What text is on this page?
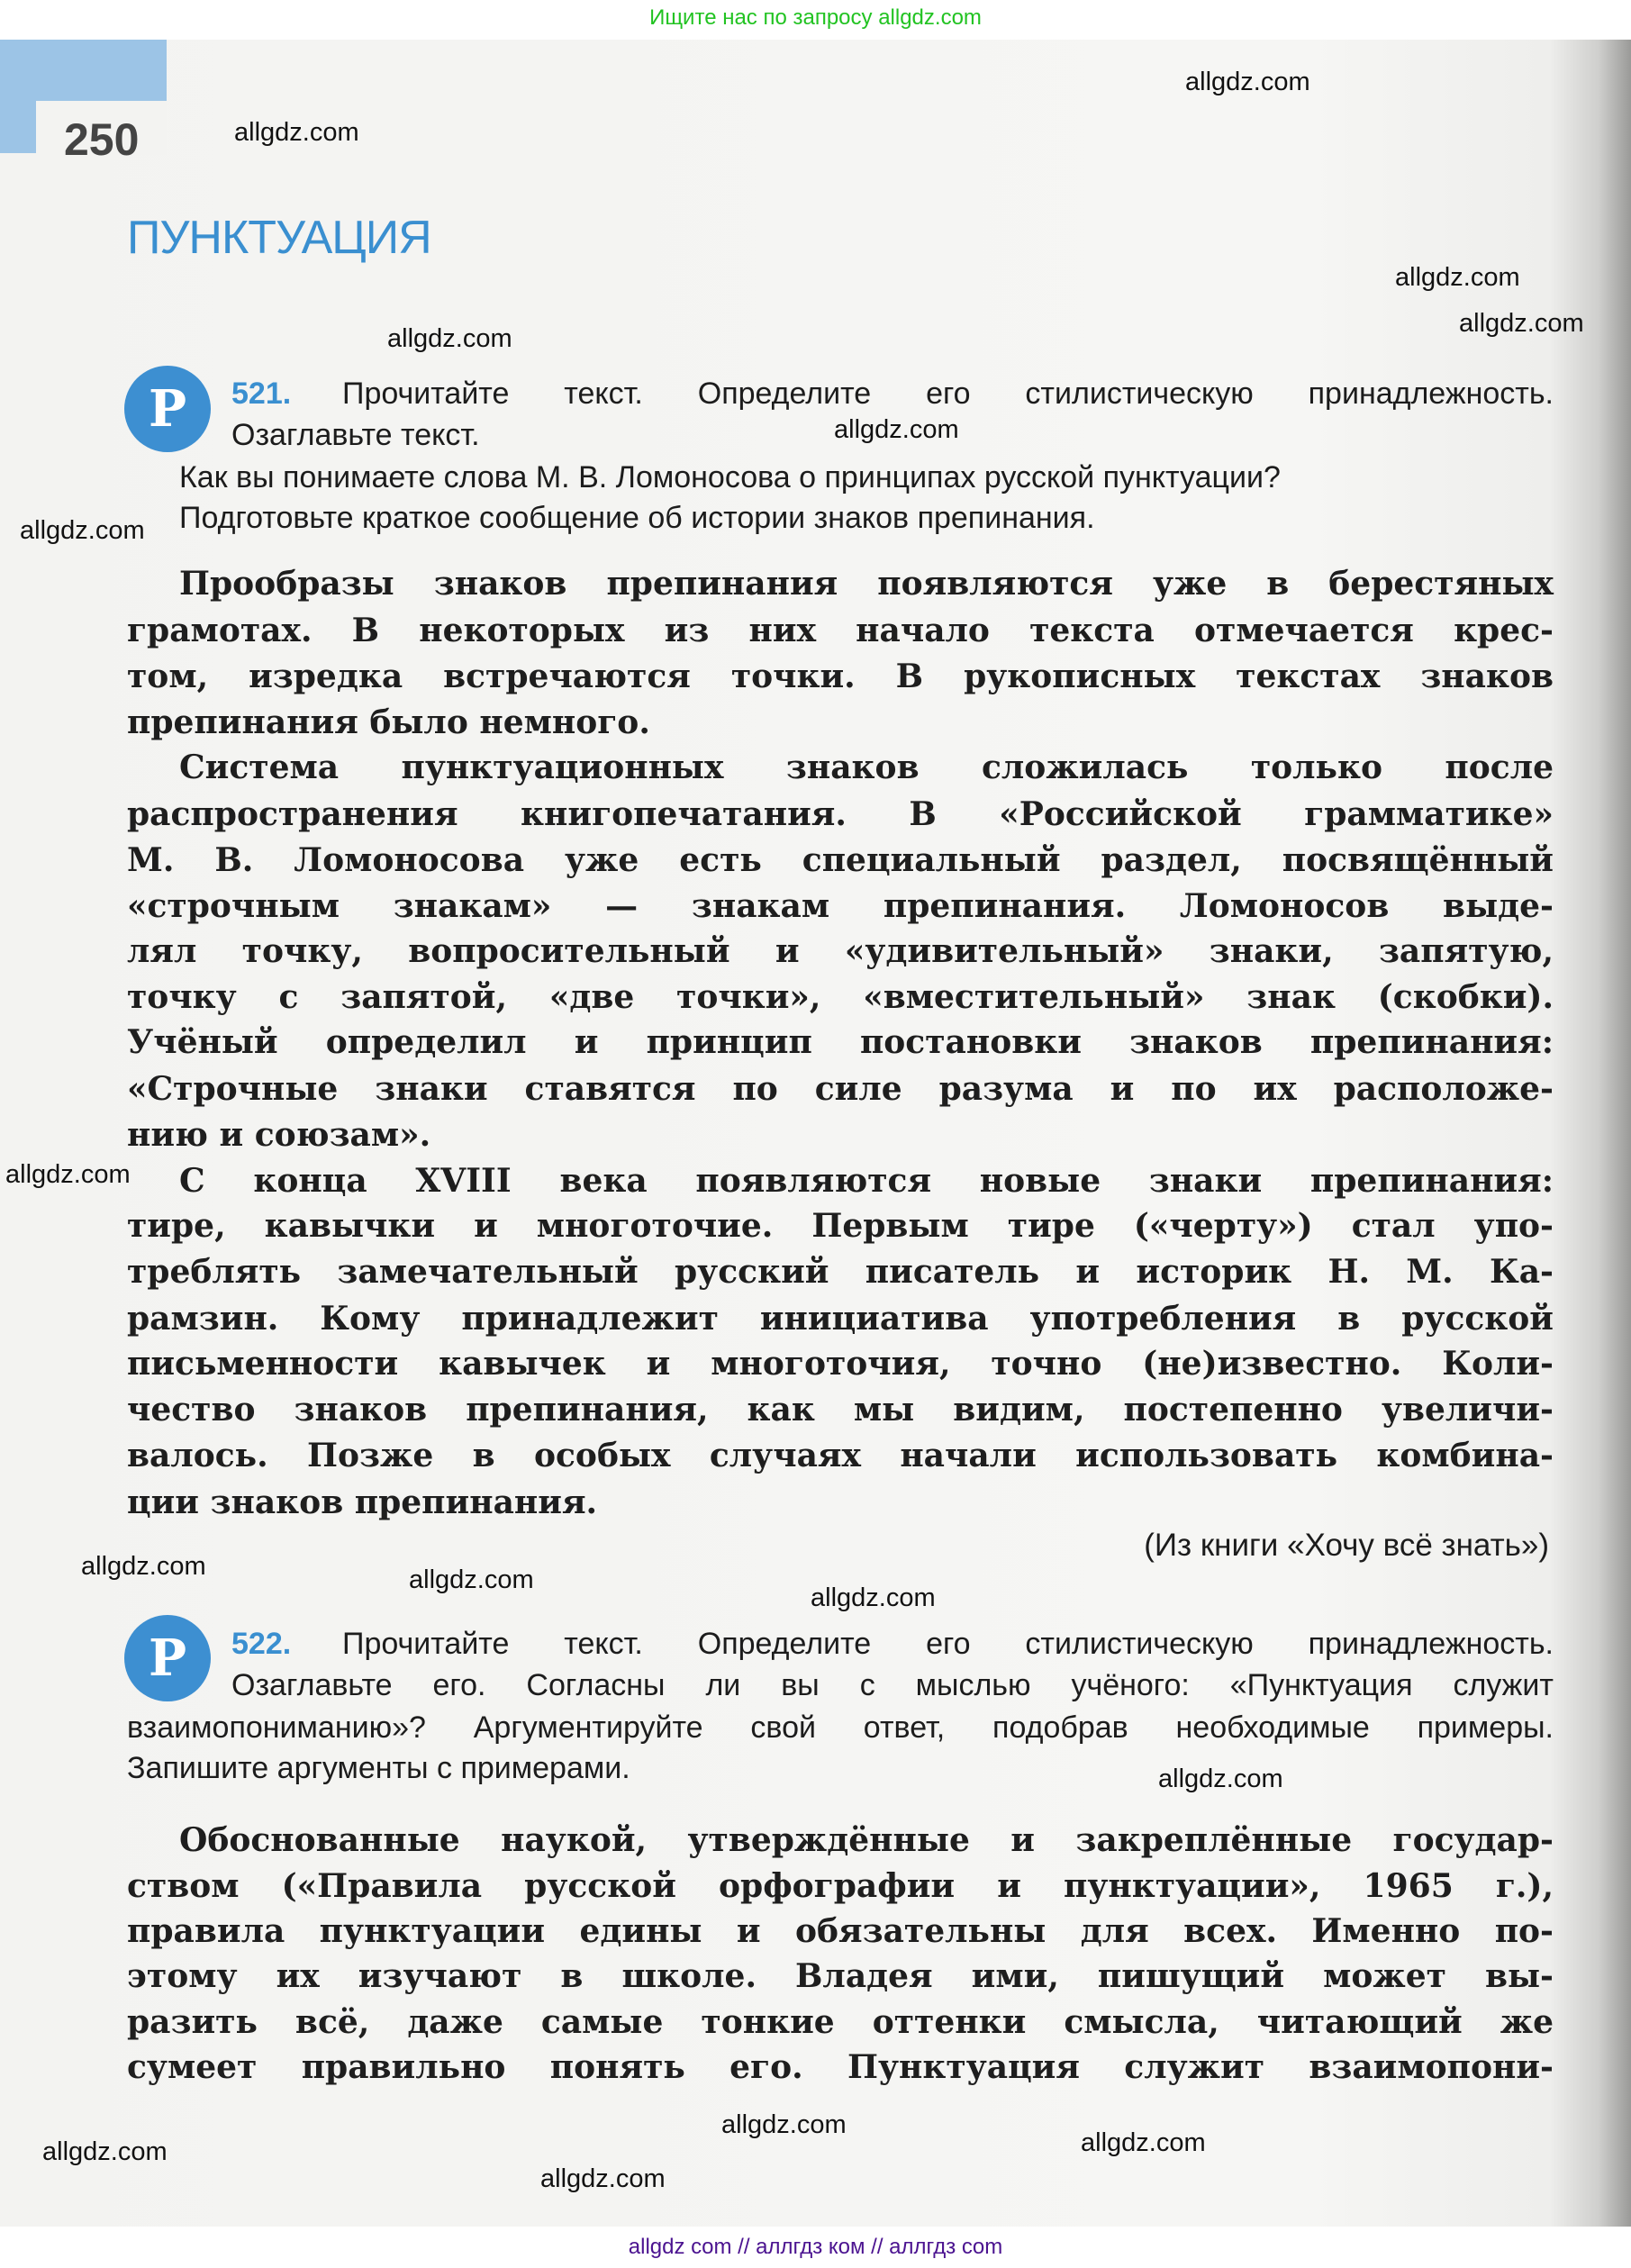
Ищите нас по запросу allgdz.com
250
ПУНКТУАЦИЯ
Р	521. Прочитайте текст. Определите его стилистическую принадлежность.
Озаглавьте текст.
Как вы понимаете слова М. В. Ломоносова о принципах русской пунктуации?
Подготовьте краткое сообщение об истории знаков препинания.
Прообразы знаков препинания появляются уже в берестяных
грамотах. В некоторых из них начало текста отмечается крес-
том, изредка встречаются точки. В рукописных текстах знаков
препинания было немного.
Система пунктуационных знаков сложилась только после
распространения книгопечатания. В «Российской грамматике»
М. В. Ломоносова уже есть специальный раздел, посвящённый
«строчным знакам» — знакам препинания. Ломоносов выде-
лял точку, вопросительный и «удивительный» знаки, запятую,
точку с запятой, «две точки», «вместительный» знак (скобки).
Учёный определил и принцип постановки знаков препинания:
«Строчные знаки ставятся по силе разума и по их расположе-
нию и союзам».
С конца XVIII века появляются новые знаки препинания:
тире, кавычки и многоточие. Первым тире («черту») стал упо-
треблять замечательный русский писатель и историк Н. М. Ка-
рамзин. Кому принадлежит инициатива употребления в русской
письменности кавычек и многоточия, точно (не)известно. Коли-
чество знаков препинания, как мы видим, постепенно увеличи-
валось. Позже в особых случаях начали использовать комбина-
ции знаков препинания.
(Из книги «Хочу всё знать»)
Р	522. Прочитайте текст. Определите его стилистическую принадлежность.
Озаглавьте его. Согласны ли вы с мыслью учёного: «Пунктуация служит
взаимопониманию»? Аргументируйте свой ответ, подобрав необходимые примеры.
Запишите аргументы с примерами.
Обоснованные наукой, утверждённые и закреплённые государ-
ством («Правила русской орфографии и пунктуации», 1965 г.),
правила пунктуации едины и обязательны для всех. Именно по-
этому их изучают в школе. Владея ими, пишущий может вы-
разить всё, даже самые тонкие оттенки смысла, читающий же
сумеет правильно понять его. Пунктуация служит взаимопони-
allgdz.com
allgdz.com
allgdz.com
allgdz.com
allgdz.com
allgdz.com
allgdz.com
allgdz.com
allgdz.com
allgdz.com
allgdz.com
allgdz.com	allgdz.com
allgdz.com
allgdz.com
allgdz.com
allgdz com // аллгдз ком // аллгдз com
